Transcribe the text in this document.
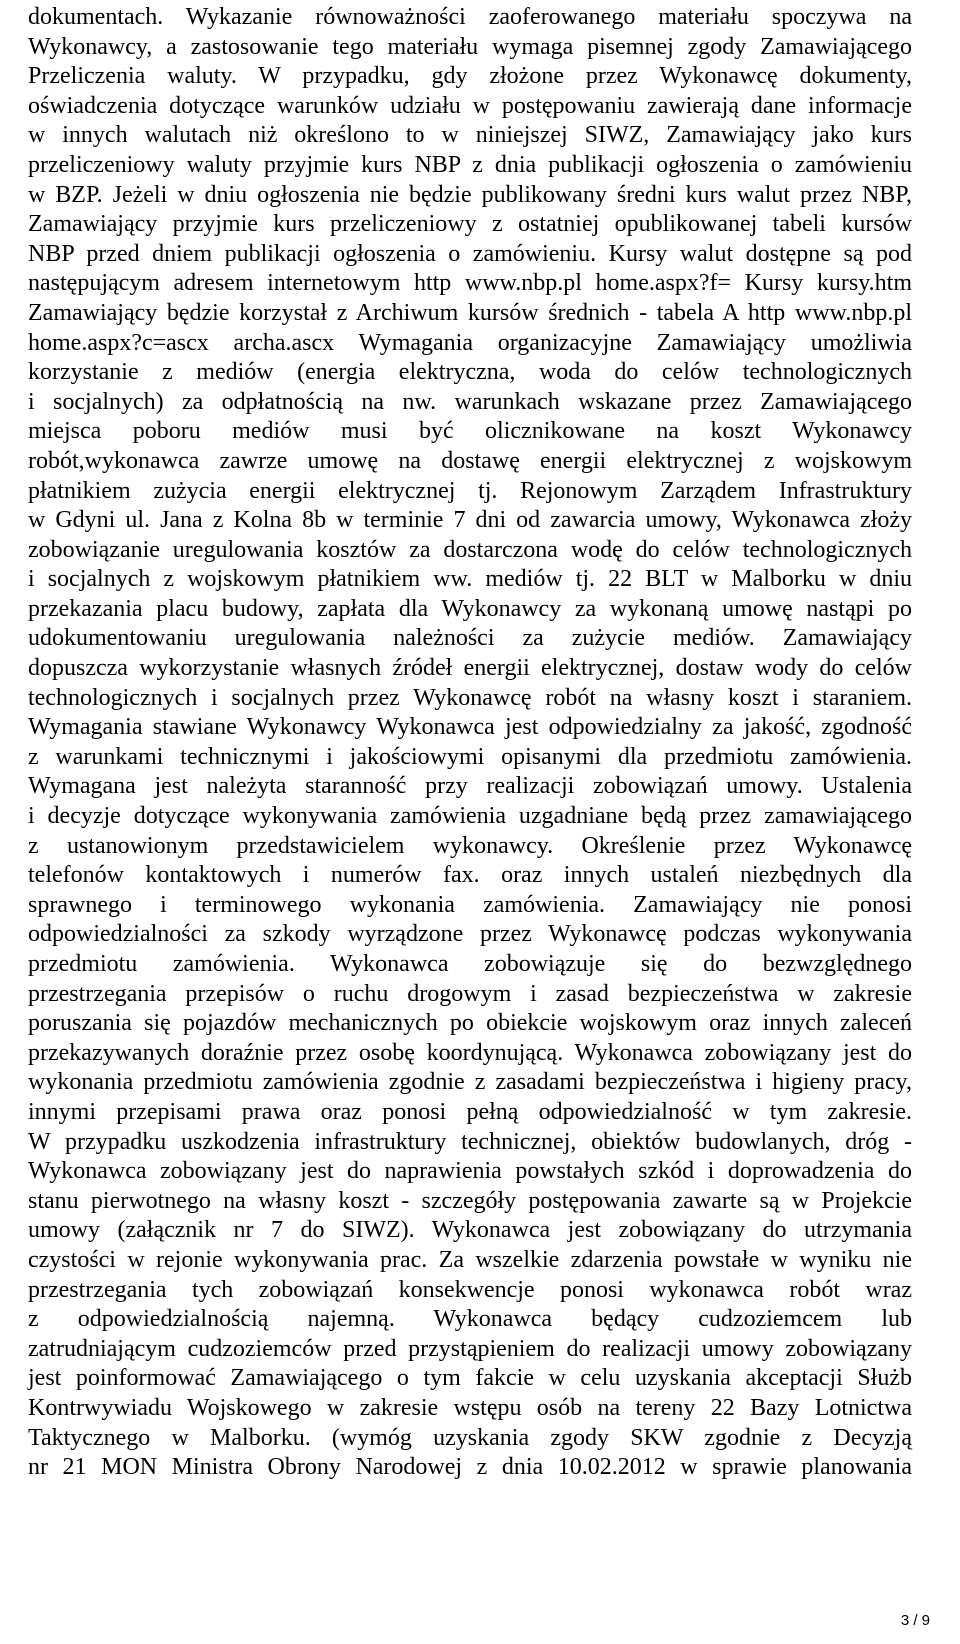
dokumentach. Wykazanie równoważności zaoferowanego materiału spoczywa na
Wykonawcy, a zastosowanie tego materiału wymaga pisemnej zgody Zamawiającego
Przeliczenia waluty. W przypadku, gdy złożone przez Wykonawcę dokumenty,
oświadczenia dotyczące warunków udziału w postępowaniu zawierają dane informacje
w innych walutach niż określono to w niniejszej SIWZ, Zamawiający jako kurs
przeliczeniowy waluty przyjmie kurs NBP z dnia publikacji ogłoszenia o zamówieniu
w BZP. Jeżeli w dniu ogłoszenia nie będzie publikowany średni kurs walut przez NBP,
Zamawiający przyjmie kurs przeliczeniowy z ostatniej opublikowanej tabeli kursów
NBP przed dniem publikacji ogłoszenia o zamówieniu. Kursy walut dostępne są pod
następującym adresem internetowym http www.nbp.pl home.aspx?f= Kursy kursy.htm
Zamawiający będzie korzystał z Archiwum kursów średnich - tabela A http www.nbp.pl
home.aspx?c=ascx archa.ascx Wymagania organizacyjne Zamawiający umożliwia
korzystanie z mediów (energia elektryczna, woda do celów technologicznych
i socjalnych) za odpłatnością na nw. warunkach wskazane przez Zamawiającego
miejsca poboru mediów musi być olicznikowane na koszt Wykonawcy
robót,wykonawca zawrze umowę na dostawę energii elektrycznej z wojskowym
płatnikiem zużycia energii elektrycznej tj. Rejonowym Zarządem Infrastruktury
w Gdyni ul. Jana z Kolna 8b w terminie 7 dni od zawarcia umowy, Wykonawca złoży
zobowiązanie uregulowania kosztów za dostarczona wodę do celów technologicznych
i socjalnych z wojskowym płatnikiem ww. mediów tj. 22 BLT w Malborku w dniu
przekazania placu budowy, zapłata dla Wykonawcy za wykonaną umowę nastąpi po
udokumentowaniu uregulowania należności za zużycie mediów. Zamawiający
dopuszcza wykorzystanie własnych źródeł energii elektrycznej, dostaw wody do celów
technologicznych i socjalnych przez Wykonawcę robót na własny koszt i staraniem.
Wymagania stawiane Wykonawcy Wykonawca jest odpowiedzialny za jakość, zgodność
z warunkami technicznymi i jakościowymi opisanymi dla przedmiotu zamówienia.
Wymagana jest należyta staranność przy realizacji zobowiązań umowy. Ustalenia
i decyzje dotyczące wykonywania zamówienia uzgadniane będą przez zamawiającego
z ustanowionym przedstawicielem wykonawcy. Określenie przez Wykonawcę
telefonów kontaktowych i numerów fax. oraz innych ustaleń niezbędnych dla
sprawnego i terminowego wykonania zamówienia. Zamawiający nie ponosi
odpowiedzialności za szkody wyrządzone przez Wykonawcę podczas wykonywania
przedmiotu zamówienia. Wykonawca zobowiązuje się do bezwzględnego
przestrzegania przepisów o ruchu drogowym i zasad bezpieczeństwa w zakresie
poruszania się pojazdów mechanicznych po obiekcie wojskowym oraz innych zaleceń
przekazywanych doraźnie przez osobę koordynującą. Wykonawca zobowiązany jest do
wykonania przedmiotu zamówienia zgodnie z zasadami bezpieczeństwa i higieny pracy,
innymi przepisami prawa oraz ponosi pełną odpowiedzialność w tym zakresie.
W przypadku uszkodzenia infrastruktury technicznej, obiektów budowlanych, dróg -
Wykonawca zobowiązany jest do naprawienia powstałych szkód i doprowadzenia do
stanu pierwotnego na własny koszt - szczegóły postępowania zawarte są w Projekcie
umowy (załącznik nr 7 do SIWZ). Wykonawca jest zobowiązany do utrzymania
czystości w rejonie wykonywania prac. Za wszelkie zdarzenia powstałe w wyniku nie
przestrzegania tych zobowiązań konsekwencje ponosi wykonawca robót wraz
z odpowiedzialnością najemną. Wykonawca będący cudzoziemcem lub
zatrudniającym cudzoziemców przed przystąpieniem do realizacji umowy zobowiązany
jest poinformować Zamawiającego o tym fakcie w celu uzyskania akceptacji Służb
Kontrwywiadu Wojskowego w zakresie wstępu osób na tereny 22 Bazy Lotnictwa
Taktycznego w Malborku. (wymóg uzyskania zgody SKW zgodnie z Decyzją
nr 21 MON Ministra Obrony Narodowej z dnia 10.02.2012 w sprawie planowania
3 / 9
